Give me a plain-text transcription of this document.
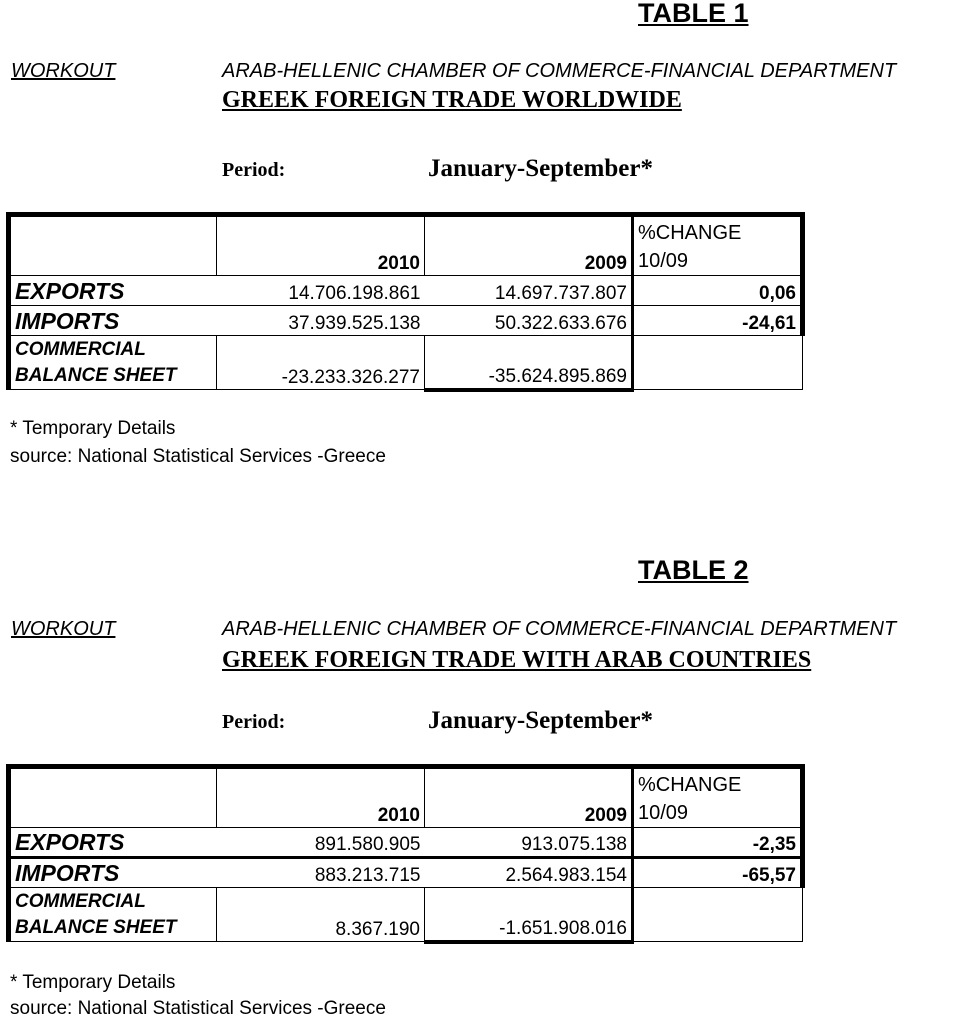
TABLE 1
WORKOUT	ARAB-HELLENIC CHAMBER OF COMMERCE-FINANCIAL DEPARTMENT
GREEK FOREIGN TRADE WORLDWIDE
Period:	January-September*
	2010	2009	%CHANGE 10/09
EXPORTS	14.706.198.861	14.697.737.807	0,06
IMPORTS	37.939.525.138	50.322.633.676	-24,61

COMMERCIAL
BALANCE SHEET	-23.233.326.277	-35.624.895.869	
* Temporary Details
source: National Statistical Services -Greece
TABLE 2
WORKOUT	ARAB-HELLENIC CHAMBER OF COMMERCE-FINANCIAL DEPARTMENT
GREEK FOREIGN TRADE WITH ARAB COUNTRIES
Period:	January-September*
	2010	2009	%CHANGE 10/09
EXPORTS	891.580.905	913.075.138	-2,35
IMPORTS	883.213.715	2.564.983.154	-65,57

COMMERCIAL
BALANCE SHEET	8.367.190	-1.651.908.016	
* Temporary Details
source: National Statistical Services -Greece
